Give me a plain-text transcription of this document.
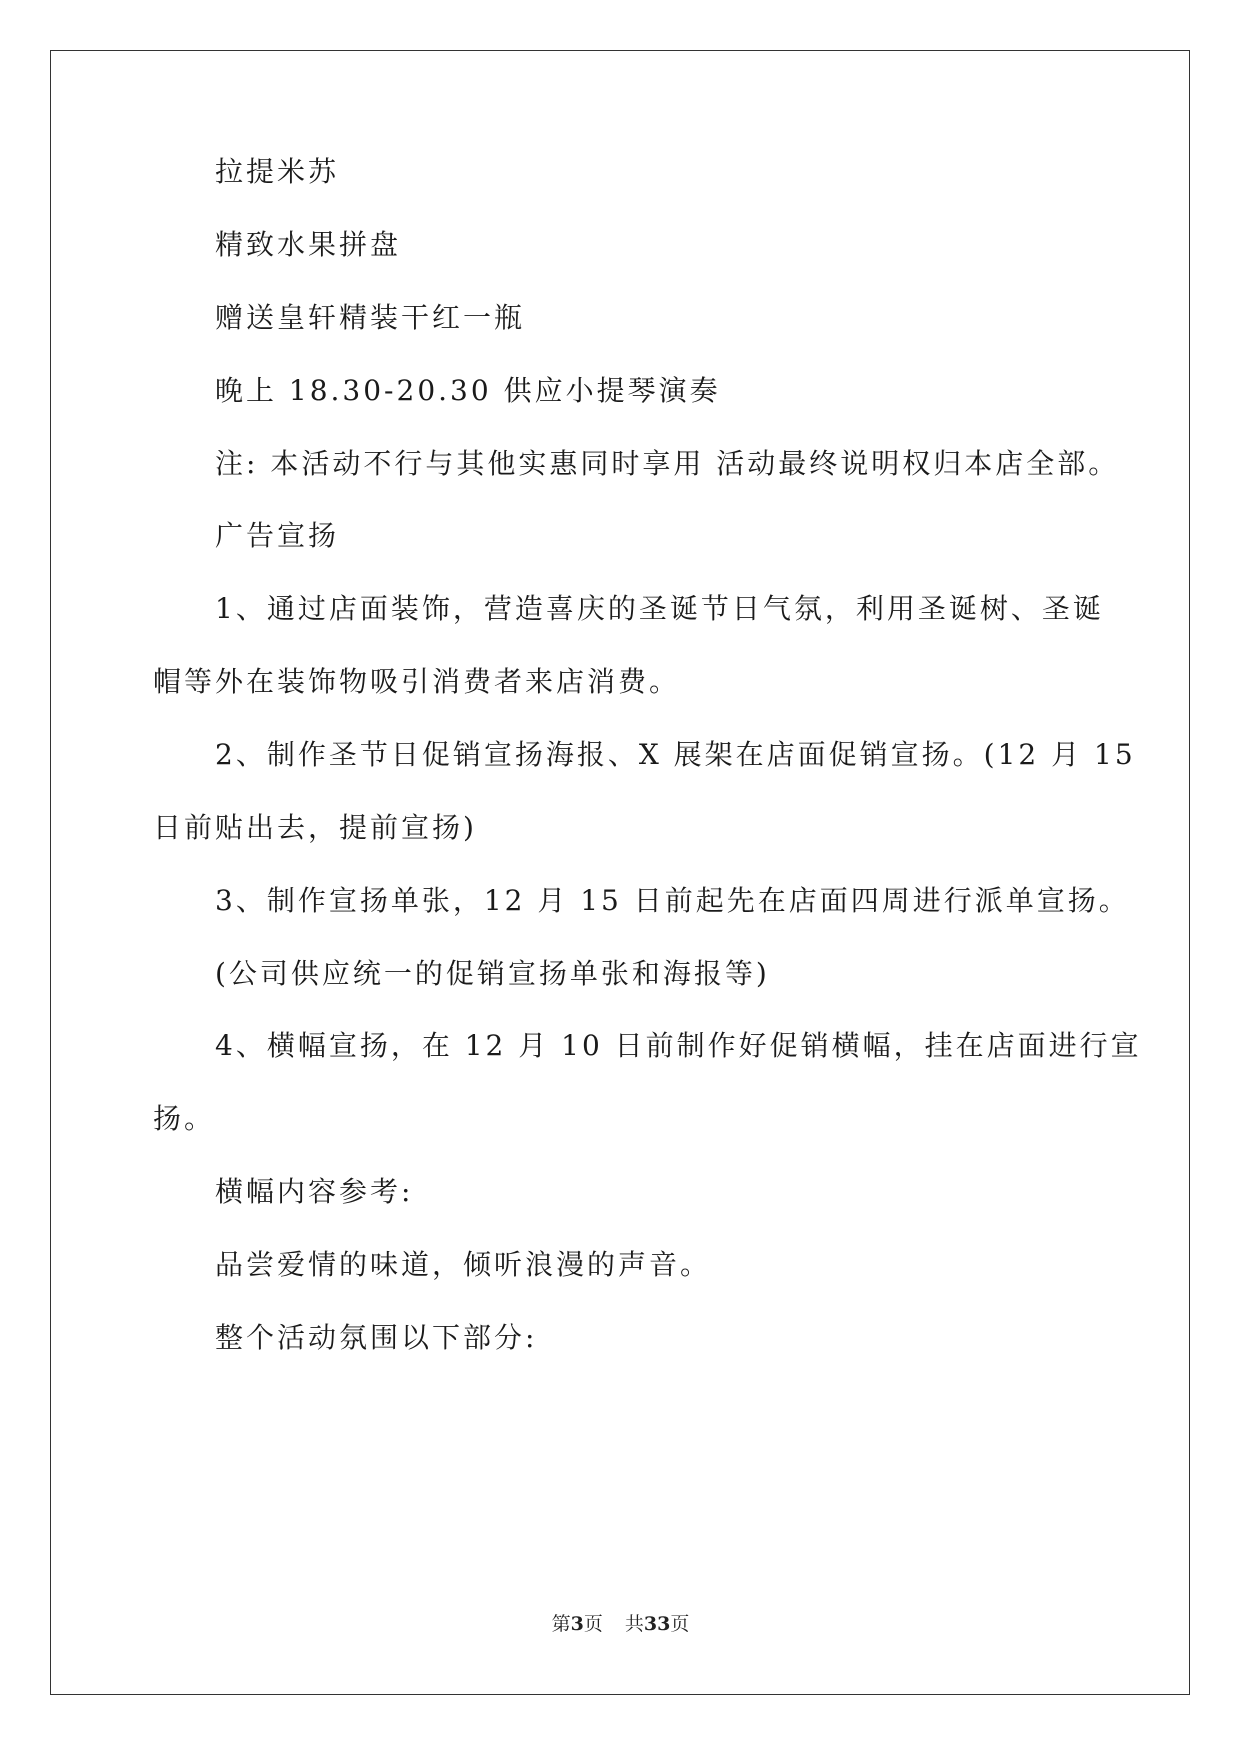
拉提米苏
精致水果拼盘
赠送皇轩精装干红一瓶
晚上 18.30-20.30 供应小提琴演奏
注: 本活动不行与其他实惠同时享用 活动最终说明权归本店全部。
广告宣扬
1、通过店面装饰，营造喜庆的圣诞节日气氛，利用圣诞树、圣诞
帽等外在装饰物吸引消费者来店消费。
2、制作圣节日促销宣扬海报、X 展架在店面促销宣扬。(12 月 15
日前贴出去，提前宣扬)
3、制作宣扬单张，12 月 15 日前起先在店面四周进行派单宣扬。
(公司供应统一的促销宣扬单张和海报等)
4、横幅宣扬，在 12 月 10 日前制作好促销横幅，挂在店面进行宣
扬。
横幅内容参考:
品尝爱情的味道，倾听浪漫的声音。
整个活动氛围以下部分:
第3页 共33页
